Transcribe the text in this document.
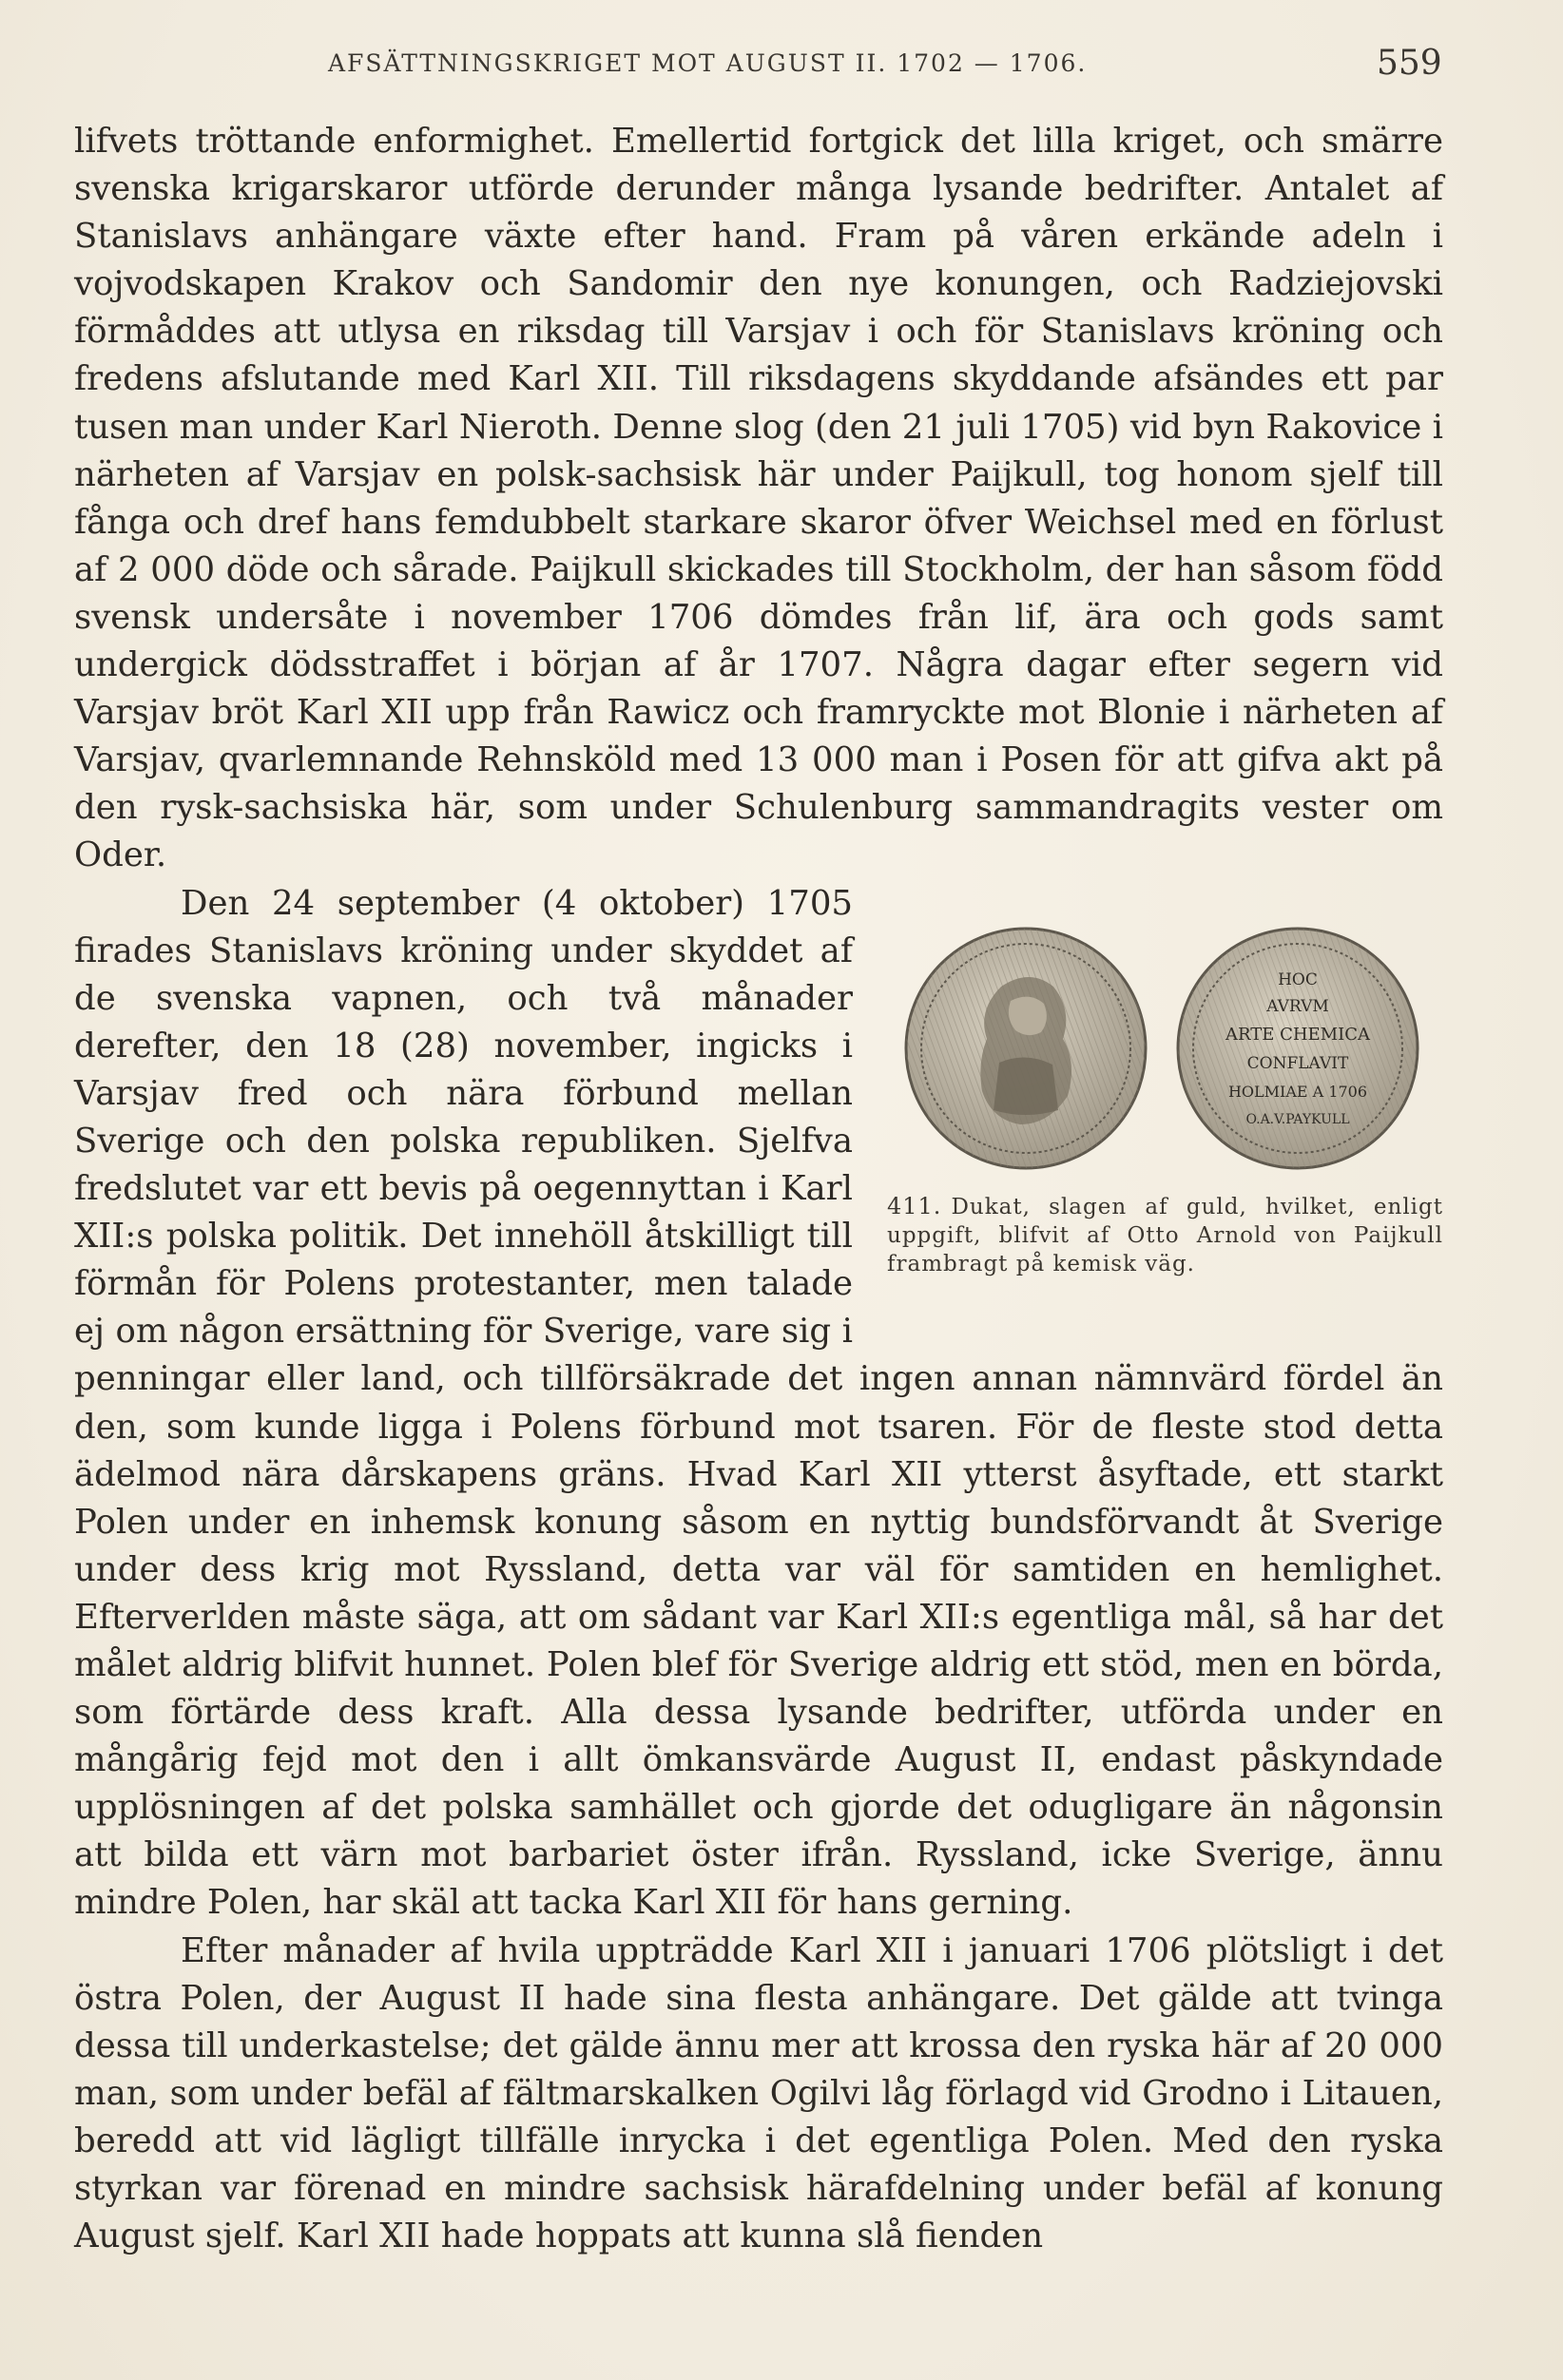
AFSÄTTNINGSKRIGET MOT AUGUST II. 1702 — 1706.	559

lifvets tröttande enformighet. Emellertid fortgick det lilla kriget, och smärre svenska krigarskaror utförde derunder många lysande bedrifter. Antalet af Stanislavs anhängare växte efter hand. Fram på våren erkände adeln i vojvodskapen Krakov och Sandomir den nye konungen, och Radziejovski förmåddes att utlysa en riksdag till Varsjav i och för Stanislavs kröning och fredens afslutande med Karl XII. Till riksdagens skyddande afsändes ett par tusen man under Karl Nieroth. Denne slog (den 21 juli 1705) vid byn Rakovice i närheten af Varsjav en polsk-sachsisk här under Paijkull, tog honom sjelf till fånga och dref hans femdubbelt starkare skaror öfver Weichsel med en förlust af 2 000 döde och sårade. Paijkull skickades till Stockholm, der han såsom född svensk undersåte i november 1706 dömdes från lif, ära och gods samt undergick dödsstraffet i början af år 1707. Några dagar efter segern vid Varsjav bröt Karl XII upp från Rawicz och framryckte mot Blonie i närheten af Varsjav, qvarlemnande Rehnsköld med 13 000 man i Posen för att gifva akt på den rysk-sachsiska här, som under Schulenburg sammandragits vester om Oder.

HOC
AVRVM
ARTE CHEMICA
CONFLAVIT
HOLMIAE A 1706
O.A.V.PAYKULL
411. Dukat, slagen af guld, hvilket, enligt uppgift, blifvit af Otto Arnold von Paijkull frambragt på kemisk väg.

Den 24 september (4 oktober) 1705 firades Stanislavs kröning under skyddet af de svenska vapnen, och två månader derefter, den 18 (28) november, ingicks i Varsjav fred och nära förbund mellan Sverige och den polska republiken. Sjelfva fredslutet var ett bevis på oegennyttan i Karl XII:s polska politik. Det innehöll åtskilligt till förmån för Polens protestanter, men talade ej om någon ersättning för Sverige, vare sig i penningar eller land, och tillförsäkrade det ingen annan nämnvärd fördel än den, som kunde ligga i Polens förbund mot tsaren. För de fleste stod detta ädelmod nära dårskapens gräns. Hvad Karl XII ytterst åsyftade, ett starkt Polen under en inhemsk konung såsom en nyttig bundsförvandt åt Sverige under dess krig mot Ryssland, detta var väl för samtiden en hemlighet. Efterverlden måste säga, att om sådant var Karl XII:s egentliga mål, så har det målet aldrig blifvit hunnet. Polen blef för Sverige aldrig ett stöd, men en börda, som förtärde dess kraft. Alla dessa lysande bedrifter, utförda under en mångårig fejd mot den i allt ömkansvärde August II, endast påskyndade upplösningen af det polska samhället och gjorde det odugligare än någonsin att bilda ett värn mot barbariet öster ifrån. Ryssland, icke Sverige, ännu mindre Polen, har skäl att tacka Karl XII för hans gerning.

Efter månader af hvila uppträdde Karl XII i januari 1706 plötsligt i det östra Polen, der August II hade sina flesta anhängare. Det gälde att tvinga dessa till underkastelse; det gälde ännu mer att krossa den ryska här af 20 000 man, som under befäl af fältmarskalken Ogilvi låg förlagd vid Grodno i Litauen, beredd att vid lägligt tillfälle inrycka i det egentliga Polen. Med den ryska styrkan var förenad en mindre sachsisk härafdelning under befäl af konung August sjelf. Karl XII hade hoppats att kunna slå fienden
